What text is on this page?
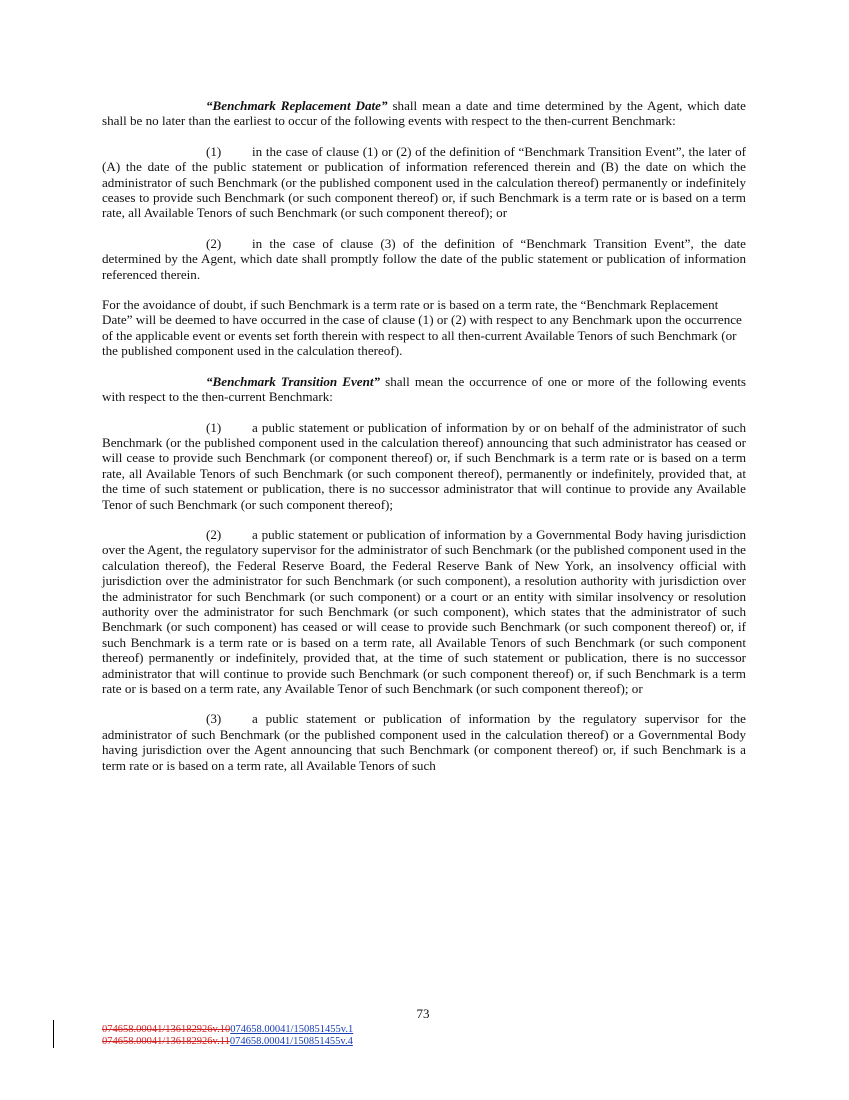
“Benchmark Replacement Date” shall mean a date and time determined by the Agent, which date shall be no later than the earliest to occur of the following events with respect to the then-current Benchmark:

(1) in the case of clause (1) or (2) of the definition of “Benchmark Transition Event”, the later of (A) the date of the public statement or publication of information referenced therein and (B) the date on which the administrator of such Benchmark (or the published component used in the calculation thereof) permanently or indefinitely ceases to provide such Benchmark (or such component thereof) or, if such Benchmark is a term rate or is based on a term rate, all Available Tenors of such Benchmark (or such component thereof); or

(2) in the case of clause (3) of the definition of “Benchmark Transition Event”, the date determined by the Agent, which date shall promptly follow the date of the public statement or publication of information referenced therein.

For the avoidance of doubt, if such Benchmark is a term rate or is based on a term rate, the “Benchmark Replacement Date” will be deemed to have occurred in the case of clause (1) or (2) with respect to any Benchmark upon the occurrence of the applicable event or events set forth therein with respect to all then-current Available Tenors of such Benchmark (or the published component used in the calculation thereof).

“Benchmark Transition Event” shall mean the occurrence of one or more of the following events with respect to the then-current Benchmark:

(1) a public statement or publication of information by or on behalf of the administrator of such Benchmark (or the published component used in the calculation thereof) announcing that such administrator has ceased or will cease to provide such Benchmark (or component thereof) or, if such Benchmark is a term rate or is based on a term rate, all Available Tenors of such Benchmark (or such component thereof), permanently or indefinitely, provided that, at the time of such statement or publication, there is no successor administrator that will continue to provide any Available Tenor of such Benchmark (or such component thereof);

(2) a public statement or publication of information by a Governmental Body having jurisdiction over the Agent, the regulatory supervisor for the administrator of such Benchmark (or the published component used in the calculation thereof), the Federal Reserve Board, the Federal Reserve Bank of New York, an insolvency official with jurisdiction over the administrator for such Benchmark (or such component), a resolution authority with jurisdiction over the administrator for such Benchmark (or such component) or a court or an entity with similar insolvency or resolution authority over the administrator for such Benchmark (or such component), which states that the administrator of such Benchmark (or such component) has ceased or will cease to provide such Benchmark (or such component thereof) or, if such Benchmark is a term rate or is based on a term rate, all Available Tenors of such Benchmark (or such component thereof) permanently or indefinitely, provided that, at the time of such statement or publication, there is no successor administrator that will continue to provide such Benchmark (or such component thereof) or, if such Benchmark is a term rate or is based on a term rate, any Available Tenor of such Benchmark (or such component thereof); or

(3) a public statement or publication of information by the regulatory supervisor for the administrator of such Benchmark (or the published component used in the calculation thereof) or a Governmental Body having jurisdiction over the Agent announcing that such Benchmark (or component thereof) or, if such Benchmark is a term rate or is based on a term rate, all Available Tenors of such

73
074658.00041/136182926v.10074658.00041/150851455v.1
074658.00041/136182926v.11074658.00041/150851455v.4
